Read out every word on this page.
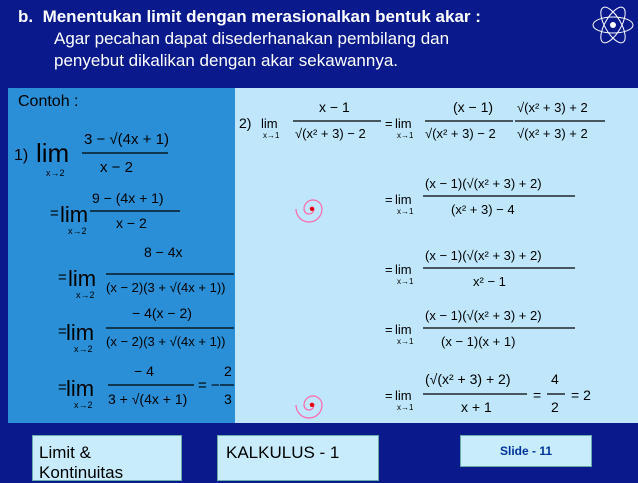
b. Menentukan limit dengan merasionalkan bentuk akar :
Agar pecahan dapat disederhanakan pembilang dan
penyebut dikalikan dengan akar sekawannya.
Contoh :
1) lim
x→2
3 − √(4x + 1)
x − 2
= lim
x→2
9 − (4x + 1)
x − 2
= lim
x→2
8 − 4x
(x − 2)(3 + √(4x + 1))
= lim
x→2
− 4(x − 2)
(x − 2)(3 + √(4x + 1))
= lim
x→2
− 4
3 + √(4x + 1)
= −
2
3
2) lim
x→1
x − 1
√(x² + 3) − 2
= lim
x→1
(x − 1)
√(x² + 3) − 2
√(x² + 3) + 2
√(x² + 3) + 2
= lim
x→1
(x − 1)(√(x² + 3) + 2)
(x² + 3) − 4
= lim
x→1
(x − 1)(√(x² + 3) + 2)
x² − 1
= lim
x→1
(x − 1)(√(x² + 3) + 2)
(x − 1)(x + 1)
= lim
x→1
(√(x² + 3) + 2)
x + 1
=
4
2
= 2
Limit &
Kontinuitas
KALKULUS - 1	Slide - 11
